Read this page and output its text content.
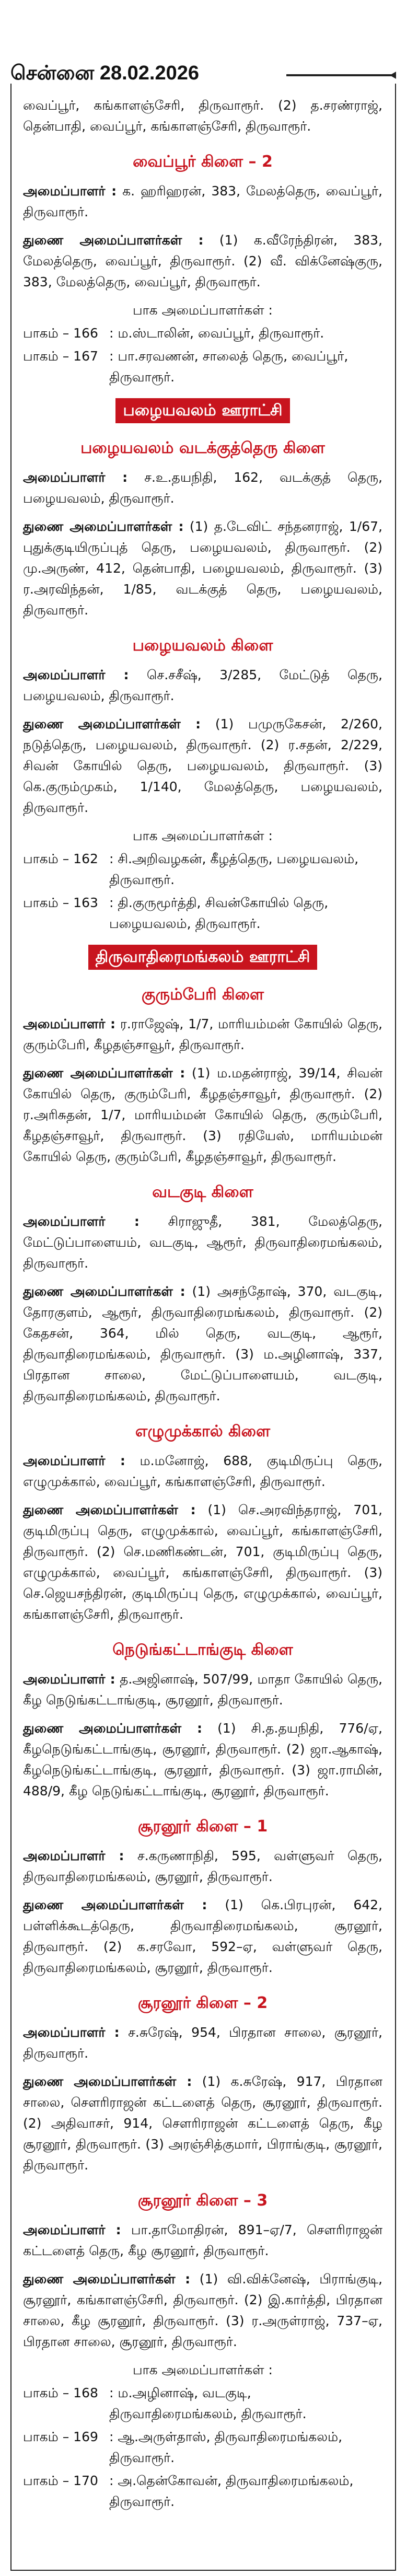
சென்னை 28.02.2026

வைப்பூர், கங்காளஞ்சேரி, திருவாரூர். (2) த.சரண்ராஜ், தென்பாதி, வைப்பூர், கங்காளஞ்சேரி, திருவாரூர்.

வைப்பூர் கிளை – 2

அமைப்பாளர் : க. ஹரிஹரன், 383, மேலத்தெரு, வைப்பூர், திருவாரூர்.

துணை அமைப்பாளர்கள் : (1) க.வீரேந்திரன், 383, மேலத்தெரு, வைப்பூர், திருவாரூர். (2) வீ. விக்னேஷ்குரு, 383, மேலத்தெரு, வைப்பூர், திருவாரூர்.

பாக அமைப்பாளர்கள் :
பாகம் – 166 : ம.ஸ்டாலின், வைப்பூர், திருவாரூர்.
பாகம் – 167 : பா.சரவணன், சாலைத் தெரு, வைப்பூர், திருவாரூர்.
பழையவலம் ஊராட்சி
பழையவலம் வடக்குத்தெரு கிளை

அமைப்பாளர் : ச.உ.தயநிதி, 162, வடக்குத் தெரு, பழையவலம், திருவாரூர்.

துணை அமைப்பாளர்கள் : (1) த.டேவிட் சந்தனராஜ், 1/67, புதுக்குடியிருப்புத் தெரு, பழையவலம், திருவாரூர். (2) மு.அருண், 412, தென்பாதி, பழையவலம், திருவாரூர். (3) ர.அரவிந்தன், 1/85, வடக்குத் தெரு, பழையவலம், திருவாரூர்.

பழையவலம் கிளை

அமைப்பாளர் : செ.சசீஷ், 3/285, மேட்டுத் தெரு, பழையவலம், திருவாரூர்.

துணை அமைப்பாளர்கள் : (1) பமுருகேசன், 2/260, நடுத்தெரு, பழையவலம், திருவாரூர். (2) ர.சதன், 2/229, சிவன் கோயில் தெரு, பழையவலம், திருவாரூர். (3) கெ.குரும்முகம், 1/140, மேலத்தெரு, பழையவலம், திருவாரூர்.

பாக அமைப்பாளர்கள் :
பாகம் – 162 : சி.அறிவழகன், கீழத்தெரு, பழையவலம், திருவாரூர்.
பாகம் – 163 : தி.குருமூர்த்தி, சிவன்கோயில் தெரு, பழையவலம், திருவாரூர்.
திருவாதிரைமங்கலம் ஊராட்சி
குரும்பேரி கிளை

அமைப்பாளர் : ர.ராஜேஷ், 1/7, மாரியம்மன் கோயில் தெரு, குரும்பேரி, கீழதஞ்சாவூர், திருவாரூர்.

துணை அமைப்பாளர்கள் : (1) ம.மதன்ராஜ், 39/14, சிவன் கோயில் தெரு, குரும்பேரி, கீழதஞ்சாவூர், திருவாரூர். (2) ர.அரிசுதன், 1/7, மாரியம்மன் கோயில் தெரு, குரும்பேரி, கீழதஞ்சாவூர், திருவாரூர். (3) ரதியேஸ், மாரியம்மன் கோயில் தெரு, குரும்பேரி, கீழதஞ்சாவூர், திருவாரூர்.

வடகுடி கிளை

அமைப்பாளர் : சிராஜுதீ, 381, மேலத்தெரு, மேட்டுப்பாளையம், வடகுடி, ஆரூர், திருவாதிரைமங்கலம், திருவாரூர்.

துணை அமைப்பாளர்கள் : (1) அசந்தோஷ், 370, வடகுடி, தோரகுளம், ஆரூர், திருவாதிரைமங்கலம், திருவாரூர். (2) கேதசன், 364, மில் தெரு, வடகுடி, ஆரூர், திருவாதிரைமங்கலம், திருவாரூர். (3) ம.அழினாஷ், 337, பிரதான சாலை, மேட்டுப்பாளையம், வடகுடி, திருவாதிரைமங்கலம், திருவாரூர்.

எழுமுக்கால் கிளை

அமைப்பாளர் : ம.மனோஜ், 688, குடிமிருப்பு தெரு, எழுமுக்கால், வைப்பூர், கங்காளஞ்சேரி, திருவாரூர்.

துணை அமைப்பாளர்கள் : (1) செ.அரவிந்தராஜ், 701, குடிமிருப்பு தெரு, எழுமுக்கால், வைப்பூர், கங்காளஞ்சேரி, திருவாரூர். (2) செ.மணிகண்டன், 701, குடிமிருப்பு தெரு, எழுமுக்கால், வைப்பூர், கங்காளஞ்சேரி, திருவாரூர். (3) செ.ஜெயசந்திரன், குடிமிருப்பு தெரு, எழுமுக்கால், வைப்பூர், கங்காளஞ்சேரி, திருவாரூர்.

நெடுங்கட்டாங்குடி கிளை

அமைப்பாளர் : த.அஜினாஷ், 507/99, மாதா கோயில் தெரு, கீழ நெடுங்கட்டாங்குடி, சூரனூர், திருவாரூர்.

துணை அமைப்பாளர்கள் : (1) சி.த.தயநிதி, 776/ஏ, கீழநெடுங்கட்டாங்குடி, சூரனூர், திருவாரூர். (2) ஜா.ஆகாஷ், கீழநெடுங்கட்டாங்குடி, சூரனூர், திருவாரூர். (3) ஜா.ராமின், 488/9, கீழ நெடுங்கட்டாங்குடி, சூரனூர், திருவாரூர்.

சூரனூர் கிளை – 1

அமைப்பாளர் : ச.கருணாநிதி, 595, வள்ளுவர் தெரு, திருவாதிரைமங்கலம், சூரனூர், திருவாரூர்.

துணை அமைப்பாளர்கள் : (1) கெ.பிரபுரன், 642, பள்ளிக்கூடத்தெரு, திருவாதிரைமங்கலம், சூரனூர், திருவாரூர். (2) க.சரவோ, 592–ஏ, வள்ளுவர் தெரு, திருவாதிரைமங்கலம், சூரனூர், திருவாரூர்.

சூரனூர் கிளை – 2

அமைப்பாளர் : ச.சுரேஷ், 954, பிரதான சாலை, சூரனூர், திருவாரூர்.

துணை அமைப்பாளர்கள் : (1) க.சுரேஷ், 917, பிரதான சாலை, சௌரிராஜன் கட்டளைத் தெரு, சூரனூர், திருவாரூர். (2) அதிவாசர், 914, சௌரிராஜன் கட்டளைத் தெரு, கீழ சூரனூர், திருவாரூர். (3) அரஞ்சித்குமார், பிராங்குடி, சூரனூர், திருவாரூர்.

சூரனூர் கிளை – 3

அமைப்பாளர் : பா.தாமோதிரன், 891–ஏ/7, சௌரிராஜன் கட்டளைத் தெரு, கீழ சூரனூர், திருவாரூர்.

துணை அமைப்பாளர்கள் : (1) வி.விக்னேஷ், பிராங்குடி, சூரனூர், கங்காளஞ்சேரி, திருவாரூர். (2) இ.கார்த்தி, பிரதான சாலை, கீழ சூரனூர், திருவாரூர். (3) ர.அருள்ராஜ், 737–ஏ, பிரதான சாலை, சூரனூர், திருவாரூர்.

பாக அமைப்பாளர்கள் :
பாகம் – 168 : ம.அழினாஷ், வடகுடி, திருவாதிரைமங்கலம், திருவாரூர்.
பாகம் – 169 : ஆ.அருள்தாஸ், திருவாதிரைமங்கலம், திருவாரூர்.
பாகம் – 170 : அ.தென்கோவன், திருவாதிரைமங்கலம், திருவாரூர்.
